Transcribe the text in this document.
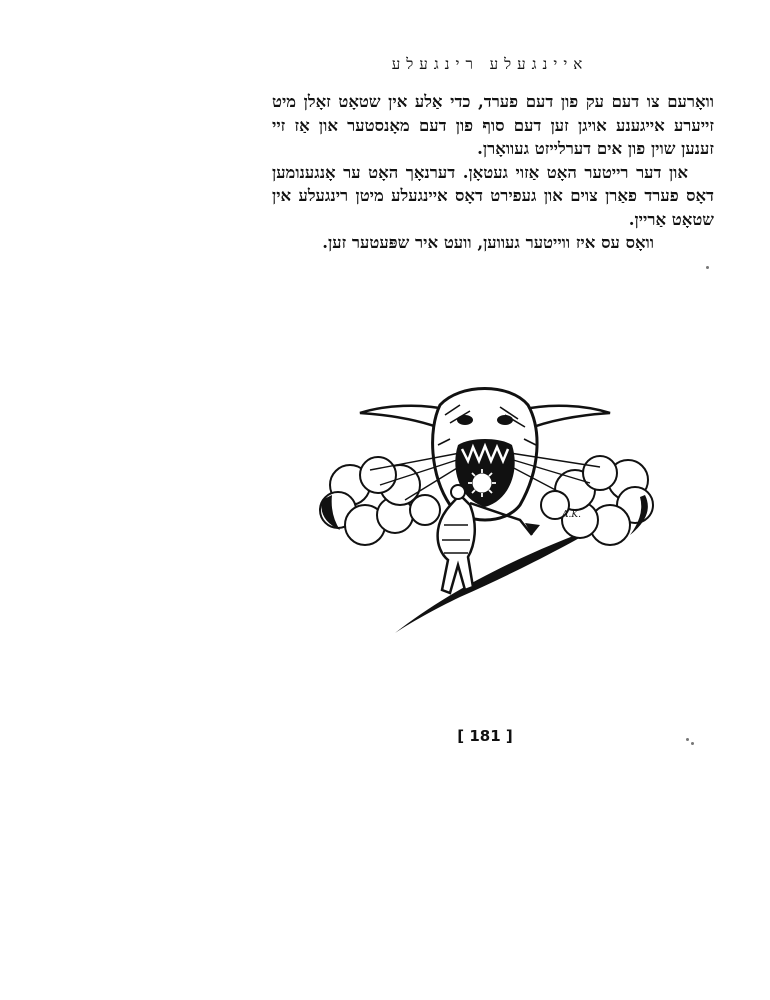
איינגעלע רינגעלע

וואָרעם צו דעם עק פון דעם פערד, כדי אַלע אין שטאָט זאָלן מיט זייערע אייגענע אויגן זען דעם סוף פון דעם מאָנסטער און אַז זיי זענען שוין פון אים דערלייזט געוואָרן.

און דער רייטער האָט אַזוי געטאָן. דערנאָך האָט ער אָנגענומען דאָס פערד פאַרן צוים און געפירט דאָס איינגעלע מיטן רינגעלע אין שטאָט אַריין.

וואָס עס איז ווייטער געווען, וועט איר שפּעטער זען.

A.K.
[ 181 ]
